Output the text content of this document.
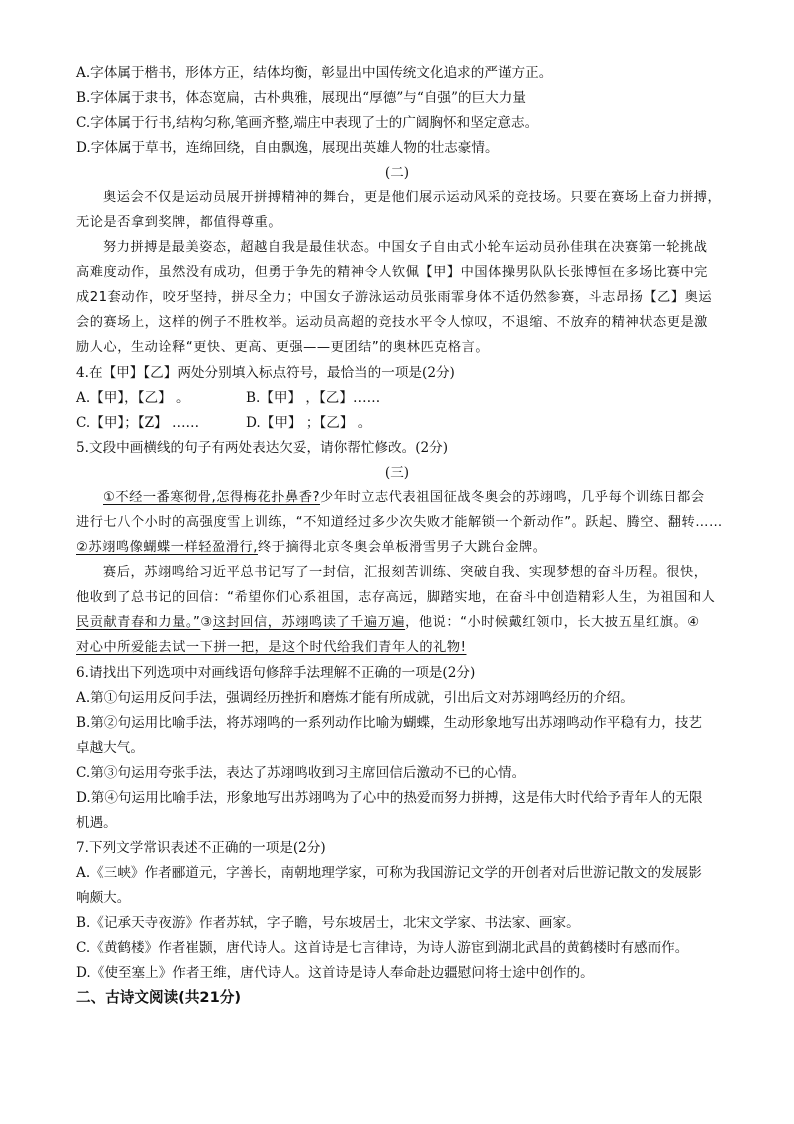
A.字体属于楷书，形体方正，结体均衡，彰显出中国传统文化追求的严谨方正。
B.字体属于隶书，体态宽扁，古朴典雅，展现出“厚德”与“自强”的巨大力量
C.字体属于行书,结构匀称,笔画齐整,端庄中表现了士的广阔胸怀和坚定意志。
D.字体属于草书，连绵回绕，自由飘逸，展现出英雄人物的壮志豪情。
(二)
奥运会不仅是运动员展开拼搏精神的舞台，更是他们展示运动风采的竞技场。只要在赛场上奋力拼搏，
无论是否拿到奖牌，都值得尊重。
努力拼搏是最美姿态，超越自我是最佳状态。中国女子自由式小轮车运动员孙佳琪在决赛第一轮挑战
高难度动作，虽然没有成功，但勇于争先的精神令人钦佩【甲】中国体操男队队长张博恒在多场比赛中完
成21套动作，咬牙坚持，拼尽全力；中国女子游泳运动员张雨霏身体不适仍然参赛，斗志昂扬【乙】奥运
会的赛场上，这样的例子不胜枚举。运动员高超的竞技水平令人惊叹，不退缩、不放弃的精神状态更是激
励人心，生动诠释“更快、更高、更强——更团结”的奥林匹克格言。
4.在【甲】【乙】两处分别填入标点符号，最恰当的一项是(2分)
A.【甲】，【乙】 。	B.【甲】 ，【乙】……
C.【甲】；【Z】 ……	D.【甲】 ；【乙】 。
5.文段中画横线的句子有两处表达欠妥，请你帮忙修改。(2分)
(三)
①不经一番寒彻骨,怎得梅花扑鼻香?少年时立志代表祖国征战冬奥会的苏翊鸣，几乎每个训练日都会
进行七八个小时的高强度雪上训练，“不知道经过多少次失败才能解锁一个新动作”。跃起、腾空、翻转……
②苏翊鸣像蝴蝶一样轻盈滑行,终于摘得北京冬奥会单板滑雪男子大跳台金牌。
赛后，苏翊鸣给习近平总书记写了一封信，汇报刻苦训练、突破自我、实现梦想的奋斗历程。很快，
他收到了总书记的回信：“希望你们心系祖国，志存高远，脚踏实地，在奋斗中创造精彩人生，为祖国和人
民贡献青春和力量。”③这封回信，苏翊鸣读了千遍万遍，他说：“小时候戴红领巾，长大披五星红旗。④
对心中所爱能去试一下拼一把，是这个时代给我们青年人的礼物!
6.请找出下列选项中对画线语句修辞手法理解不正确的一项是(2分)
A.第①句运用反问手法，强调经历挫折和磨炼才能有所成就，引出后文对苏翊鸣经历的介绍。
B.第②句运用比喻手法，将苏翊鸣的一系列动作比喻为蝴蝶，生动形象地写出苏翊鸣动作平稳有力，技艺
卓越大气。
C.第③句运用夸张手法，表达了苏翊鸣收到习主席回信后激动不已的心情。
D.第④句运用比喻手法，形象地写出苏翊鸣为了心中的热爱而努力拼搏，这是伟大时代给予青年人的无限
机遇。
7.下列文学常识表述不正确的一项是(2分)
A.《三峡》作者郦道元，字善长，南朝地理学家，可称为我国游记文学的开创者对后世游记散文的发展影
响颇大。
B.《记承天寺夜游》作者苏轼，字子瞻，号东坡居士，北宋文学家、书法家、画家。
C.《黄鹤楼》作者崔颢，唐代诗人。这首诗是七言律诗，为诗人游宦到湖北武昌的黄鹤楼时有感而作。
D.《使至塞上》作者王维，唐代诗人。这首诗是诗人奉命赴边疆慰问将士途中创作的。
二、古诗文阅读(共21分)
